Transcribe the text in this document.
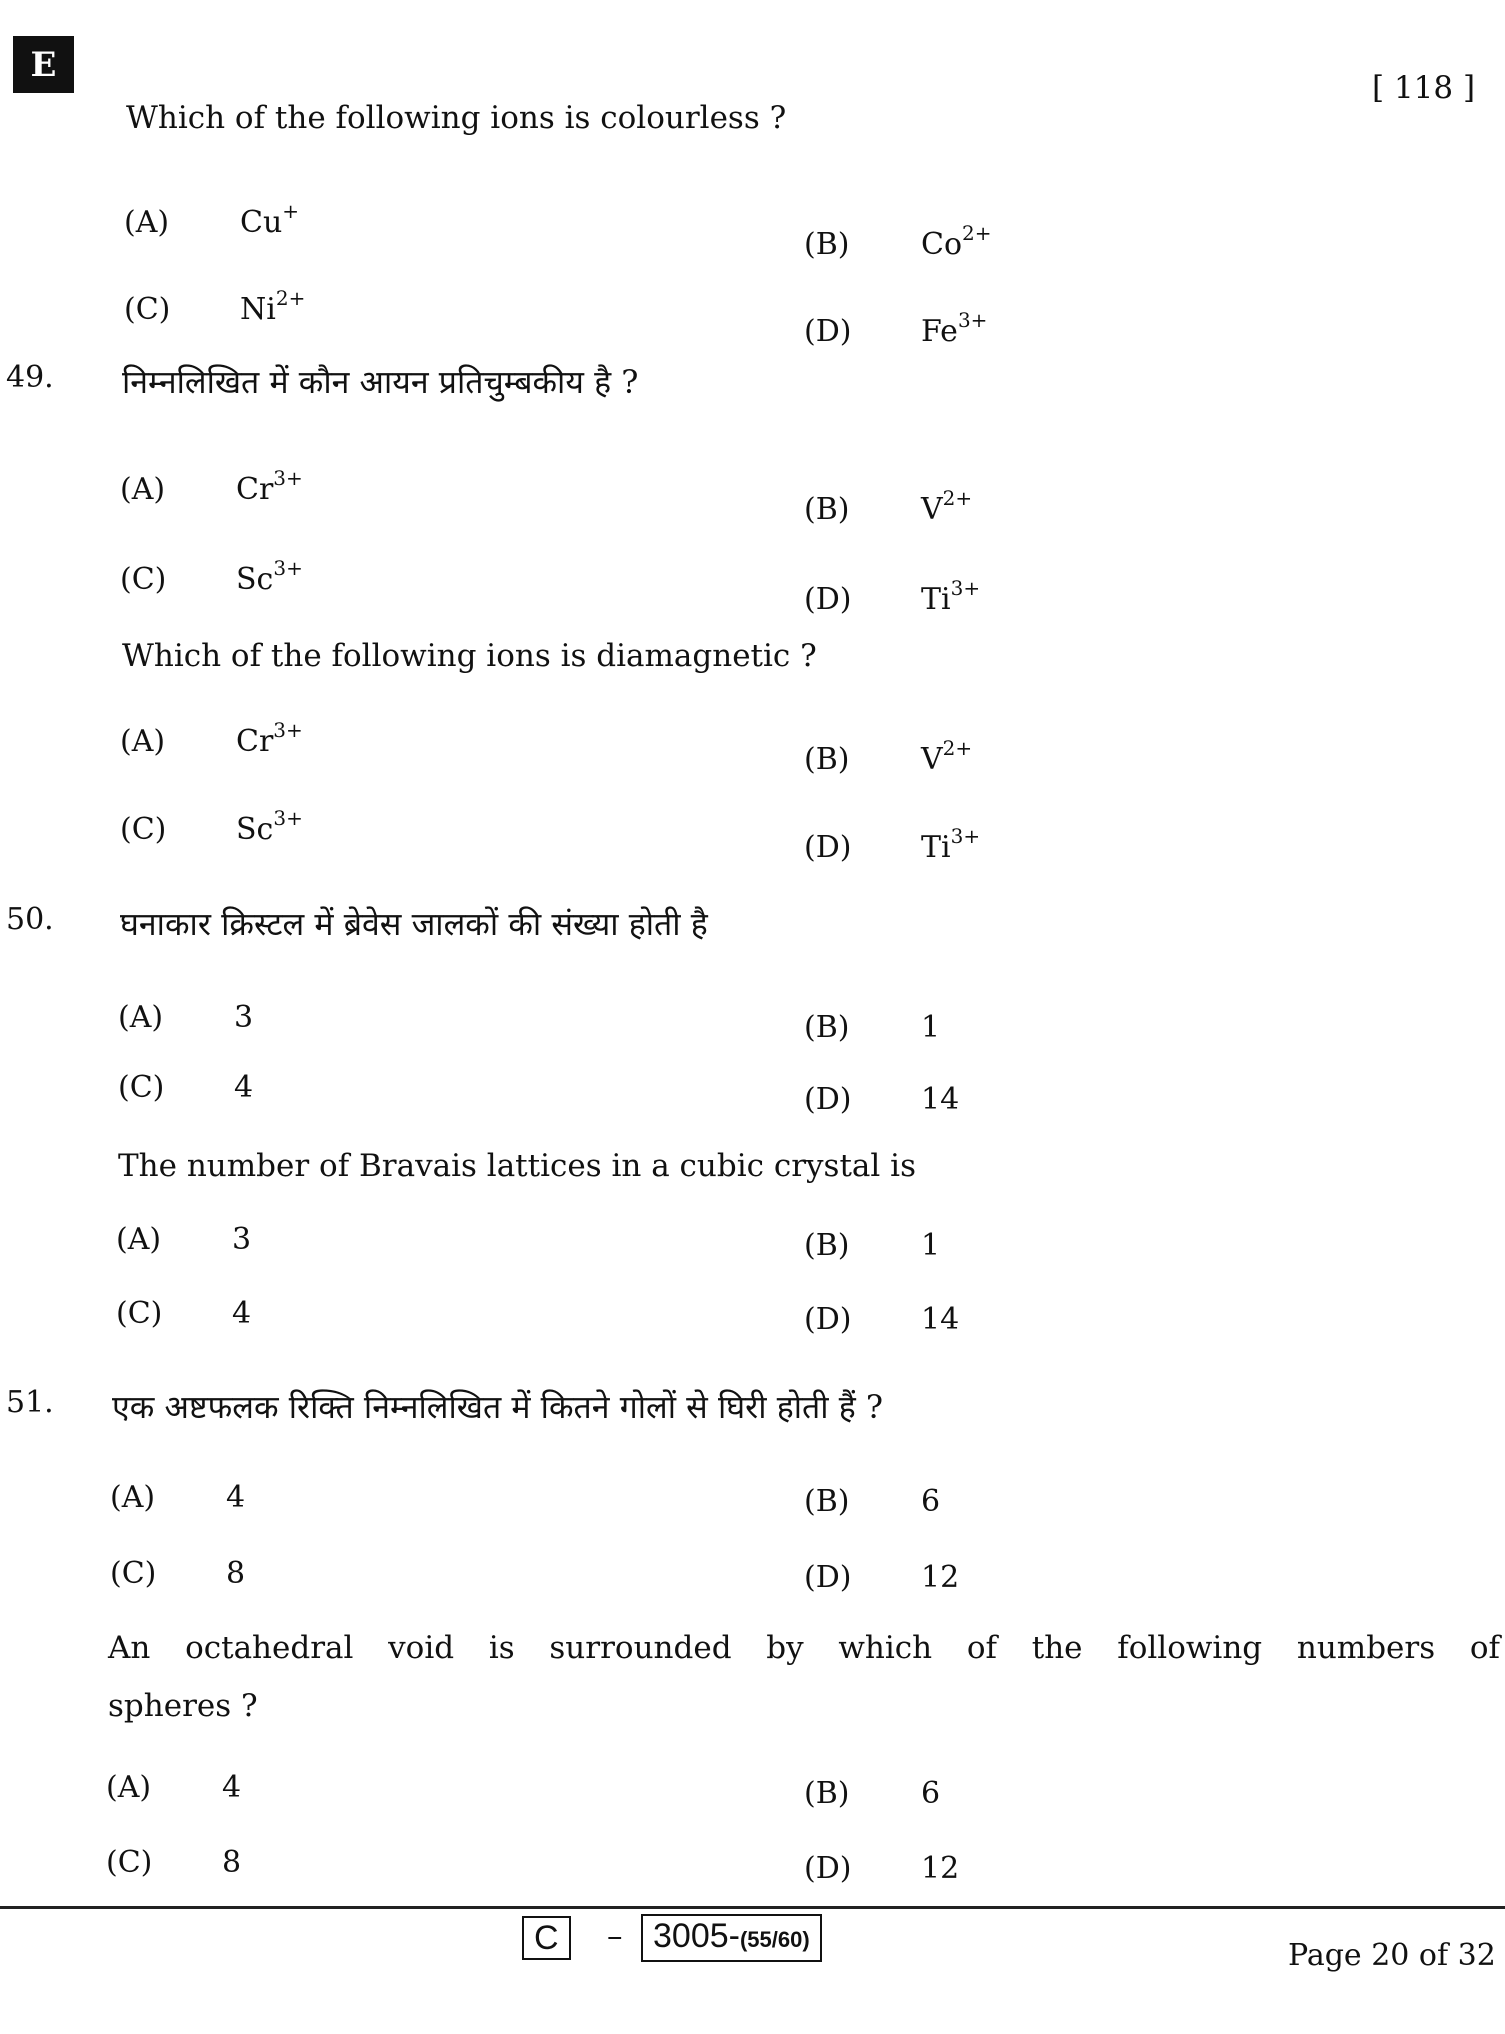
E
[ 118 ]
Which of the following ions is colourless ?
(A) Cu+
(B) $Co^{2+}$
(C) $Ni^{2+}$
(D) $Fe^{3+}$
49. निम्नलिखित में कौन आयन प्रतिचुम्बकीय है ?
(A) $Cr^{3+}$
(B) $V^{2+}$
(C) $Sc^{3+}$
(D) $Ti^{3+}$
Which of the following ions is diamagnetic ?
(A) $Cr^{3+}$
(B) $V^{2+}$
(C) $Sc^{3+}$
(D) $Ti^{3+}$
50. घनाकार क्रिस्टल में ब्रेवेस जालकों की संख्या होती है
(A) 3	(B) 1
(C) 4	(D) 14
The number of Bravais lattices in a cubic crystal is
(A) 3	(B) 1
(C) 4	(D) 14
51. एक अष्टफलक रिक्ति निम्नलिखित में कितने गोलों से घिरी होती हैं ?
(A) 4	(B) 6
(C) 8	(D) 12
An octahedral void is surrounded by which of the following numbers of
spheres ?
(A) 4	(B) 6
(C) 8	(D) 12
C	– 3005-(55/60)	Page 20 of 32
